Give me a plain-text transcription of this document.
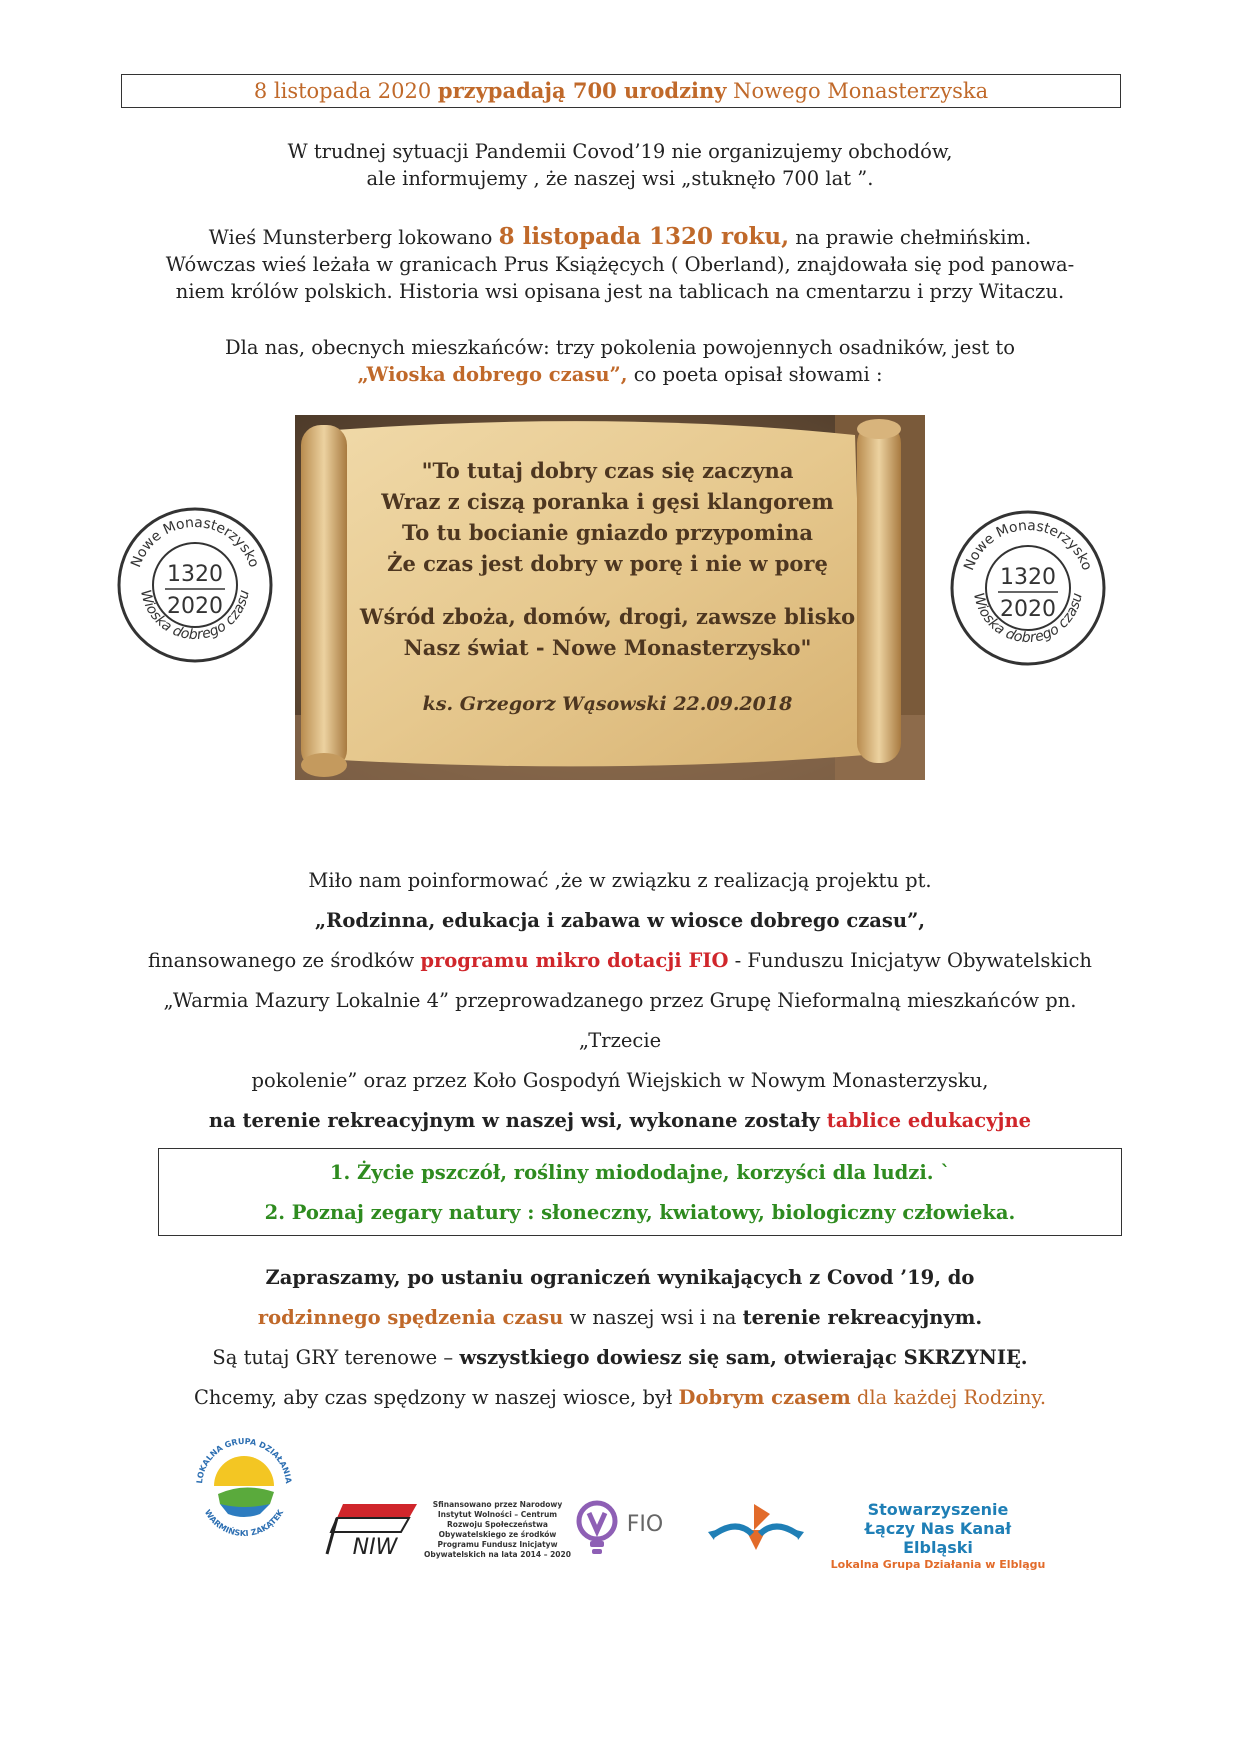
8 listopada 2020 przypadają 700 urodziny Nowego Monasterzyska
W trudnej sytuacji Pandemii Covod’19 nie organizujemy obchodów,
ale informujemy , że naszej wsi „stuknęło 700 lat ”.
Wieś Munsterberg lokowano 8 listopada 1320 roku, na prawie chełmińskim.
Wówczas wieś leżała w granicach Prus Książęcych ( Oberland), znajdowała się pod panowa-
niem królów polskich. Historia wsi opisana jest na tablicach na cmentarzu i przy Witaczu.
Dla nas, obecnych mieszkańców: trzy pokolenia powojennych osadników, jest to
„Wioska dobrego czasu”, co poeta opisał słowami :
"To tutaj dobry czas się zaczyna
Wraz z ciszą poranka i gęsi klangorem
To tu bocianie gniazdo przypomina
Że czas jest dobry w porę i nie w porę
Wśród zboża, domów, drogi, zawsze blisko
Nasz świat - Nowe Monasterzysko"
ks. Grzegorz Wąsowski 22.09.2018
Nowe Monasterzysko
Wioska dobrego czasu
1320
2020
Nowe Monasterzysko
Wioska dobrego czasu
1320
2020
Miło nam poinformować ,że w związku z realizacją projektu pt.
„Rodzinna, edukacja i zabawa w wiosce dobrego czasu”,
finansowanego ze środków programu mikro dotacji FIO - Funduszu Inicjatyw Obywatelskich
„Warmia Mazury Lokalnie 4” przeprowadzanego przez Grupę Nieformalną mieszkańców pn. „Trzecie
pokolenie” oraz przez Koło Gospodyń Wiejskich w Nowym Monasterzysku,
na terenie rekreacyjnym w naszej wsi, wykonane zostały tablice edukacyjne
1. Życie pszczół, rośliny miododajne, korzyści dla ludzi. `
2. Poznaj zegary natury : słoneczny, kwiatowy, biologiczny człowieka.
Zapraszamy, po ustaniu ograniczeń wynikających z Covod ’19, do
rodzinnego spędzenia czasu w naszej wsi i na terenie rekreacyjnym.
Są tutaj GRY terenowe – wszystkiego dowiesz się sam, otwierając SKRZYNIĘ.
Chcemy, aby czas spędzony w naszej wiosce, był Dobrym czasem dla każdej Rodziny.
LOKALNA GRUPA DZIAŁANIA
WARMIŃSKI ZAKĄTEK
NIW
Sfinansowano przez Narodowy Instytut Wolności – Centrum Rozwoju Społeczeństwa Obywatelskiego ze środków Programu Fundusz Inicjatyw Obywatelskich na lata 2014 – 2020
FIO
Stowarzyszenie
Łączy Nas Kanał Elbląski
Lokalna Grupa Działania w Elblągu
